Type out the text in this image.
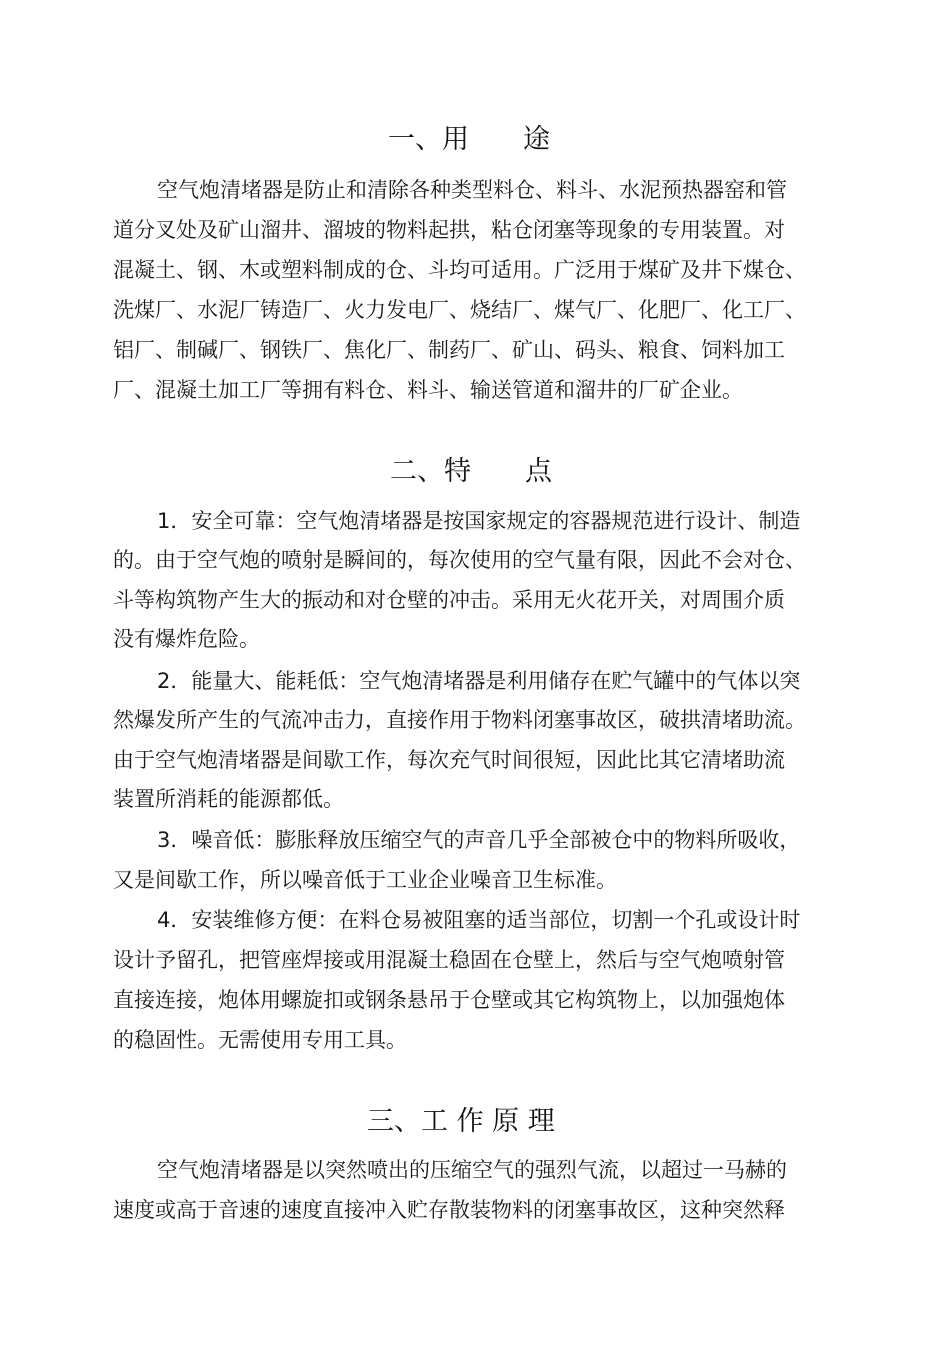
一、用　　途
空气炮清堵器是防止和清除各种类型料仓、料斗、水泥预热器窑和管
道分叉处及矿山溜井、溜坡的物料起拱，粘仓闭塞等现象的专用装置。对
混凝土、钢、木或塑料制成的仓、斗均可适用。广泛用于煤矿及井下煤仓、
洗煤厂、水泥厂铸造厂、火力发电厂、烧结厂、煤气厂、化肥厂、化工厂、
铝厂、制碱厂、钢铁厂、焦化厂、制药厂、矿山、码头、粮食、饲料加工
厂、混凝土加工厂等拥有料仓、料斗、输送管道和溜井的厂矿企业。
二、特　　点
1．安全可靠：空气炮清堵器是按国家规定的容器规范进行设计、制造
的。由于空气炮的喷射是瞬间的，每次使用的空气量有限，因此不会对仓、
斗等构筑物产生大的振动和对仓壁的冲击。采用无火花开关，对周围介质
没有爆炸危险。
2．能量大、能耗低：空气炮清堵器是利用储存在贮气罐中的气体以突
然爆发所产生的气流冲击力，直接作用于物料闭塞事故区，破拱清堵助流。
由于空气炮清堵器是间歇工作，每次充气时间很短，因此比其它清堵助流
装置所消耗的能源都低。
3．噪音低：膨胀释放压缩空气的声音几乎全部被仓中的物料所吸收，
又是间歇工作，所以噪音低于工业企业噪音卫生标准。
4．安装维修方便：在料仓易被阻塞的适当部位，切割一个孔或设计时
设计予留孔，把管座焊接或用混凝土稳固在仓壁上，然后与空气炮喷射管
直接连接，炮体用螺旋扣或钢条悬吊于仓壁或其它构筑物上，以加强炮体
的稳固性。无需使用专用工具。
三、工 作 原 理
空气炮清堵器是以突然喷出的压缩空气的强烈气流，以超过一马赫的
速度或高于音速的速度直接冲入贮存散装物料的闭塞事故区，这种突然释
